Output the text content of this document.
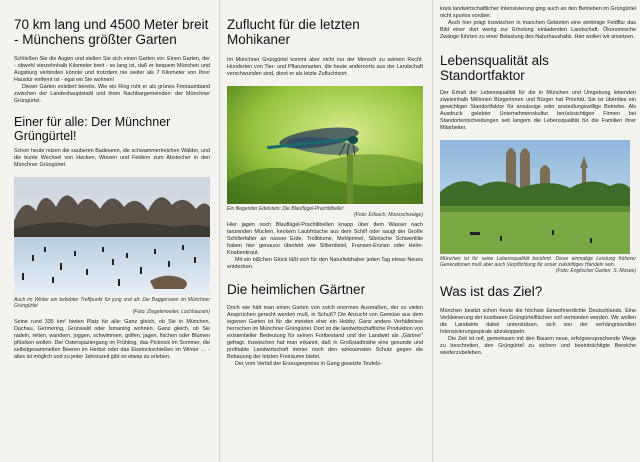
70 km lang und 4500 Meter breit - Münchens größter Garten

Schließen Sie die Augen und stellen Sie sich einen Garten vor. Einen Garten, der - obwohl vierzehnhalb Kilometer breit - so lang ist, daß er bequem München und Augsburg verbinden könnte und trotzdem nie weiter als 7 Kilometer von Ihrer Haustür entfernt ist - egal wo Sie wohnen!

Dieser Garten existiert bereits. Wie ein Ring ruht er als grünes Freiraumband zwischen der Landeshauptstadt und ihren Nachbargemeinden: der Münchner Grüngürtel.

Einer für alle: Der Münchner Grüngürtel!

Schon heute reizen die sauberen Badeseen, die schwammerlreichen Wälder, und die bunte Wechsel von Hecken, Wiesen und Feldern zum Abstecher in den Münchner Grüngürtel.

Auch im Winter ein beliebter Treffpunkt für jung und alt: Die Baggerseen im Münchner Grüngürtel

(Foto: Ziegelerweiter, Lochhausen)

Seine rund 335 km² bieten Platz für alle: Ganz gleich, ob Sie in München, Dachau, Germering, Grünwald oder Ismaning wohnen. Ganz gleich, ob Sie radeln, reiten, wandern, joggen, schwimmen, golfen, jagen, fischen oder Blumen pflücken wollen. Der Osterspaziergang im Frühling, das Picknick im Sommer, die selbstgesammelten Beeren im Herbst oder das Eisstockschießen im Winter … - alles ist möglich und zu jeder Jahreszeit gibt es etwas zu erleben.

Zuflucht für die letzten Mohikaner

Im Münchner Grüngürtel kommt aber nicht nur der Mensch zu seinem Recht. Hunderten von Tier- und Pflanzenarten, die heute andernorts aus der Landschaft verschwunden sind, dient er als letzte Zufluchtsort.

Ein fliegender Edelstein: Die Blauflügel-Prachtlibelle!

(Foto: Erfasch, Moosschwaige)

Hier jagen noch Blauflügel-Prachtlibellen knapp über dem Wasser nach tanzenden Mücken, keckern Laubfrösche aus dem Schilf oder saugt der Große Schillerfalter an nasser Erde. Trollblume, Mehlprimel, Sibirische Schwertlilie haben hier genauso überlebt wie Silberdistel, Fransen-Enzian oder Helm-Knabenkraut.

Mit ein bißchen Glück läßt sich für den Naturliebhaber jeden Tag etwas Neues entdecken.

Die heimlichen Gärtner

Doch wie hält man einen Garten von solch enormen Ausmaßen, der so vielen Ansprüchen gerecht werden muß, in Schuß? Die Anzucht von Gemüse aus dem eigenen Garten ist für die meisten eher ein Hobby. Ganz andere Verhältnisse herrschen im Münchner Grüngürtel. Dort ist die landwirtschaftliche Produktion von existentieller Bedeutung für seinen Fortbestand und der Landwirt als „Gärtner“ gefragt. Inzwischen hat man erkannt, daß in Großstadtnähe eine gesunde und profitable Landwirtschaft immer noch den wirksamsten Schutz gegen die Bebauung der letzten Freiräume bietet.

Der vom Verfall der Erzeugerpreise in Gang gesetzte Teufels-

kreis landwirtschaftlicher Intensivierung ging auch an den Betrieben im Grüngürtel nicht spurlos vorüber.

Auch hier prägt inzwischen in manchen Gebieten eine eintönige Feldflur das Bild einer dort wenig zur Erholung einladenden Landschaft. Ökonomische Zwänge führten zu einer Belastung des Naturhaushalts. Hier wollen wir ansetzen.

Lebensqualität als Standortfaktor

Der Erhalt der Lebensqualität für die in München und Umgebung lebenden zweieinhalb Millionen Bürgerinnen und Bürger hat Priorität. Sie ist überdies ein gewichtiger Standortfaktor für ansässige oder ansiedlungswillige Betriebe. Als Ausdruck gelebter Unternehmenskultur berücksichtigen Firmen bei Standortentscheidungen seit langem die Lebensqualität für die Familien ihrer Mitarbeiter.

München ist für seine Lebensqualität berühmt. Diese einmalige Leistung früherer Generationen muß aber auch Verpflichtung für unser zukünftiges Handeln sein.

(Foto: Englischer Garten, S. Mosee)

Was ist das Ziel?

München besitzt schon heute die höchste Einwohnerdichte Deutschlands. Eine Verkleinerung der kostbaren Grüngürtelflächen soll vermieden werden. Wir wollen die Landwirte dabei unterstützen, sich von der verhängnisvollen Intensivierungsspirale abzukoppeln.

Die Zeit ist reif, gemeinsam mit den Bauern neue, erfolgversprechende Wege zu beschreiten, den Grüngürtel zu sichern und beeinträchtigte Bereiche wiederzubeleben.
